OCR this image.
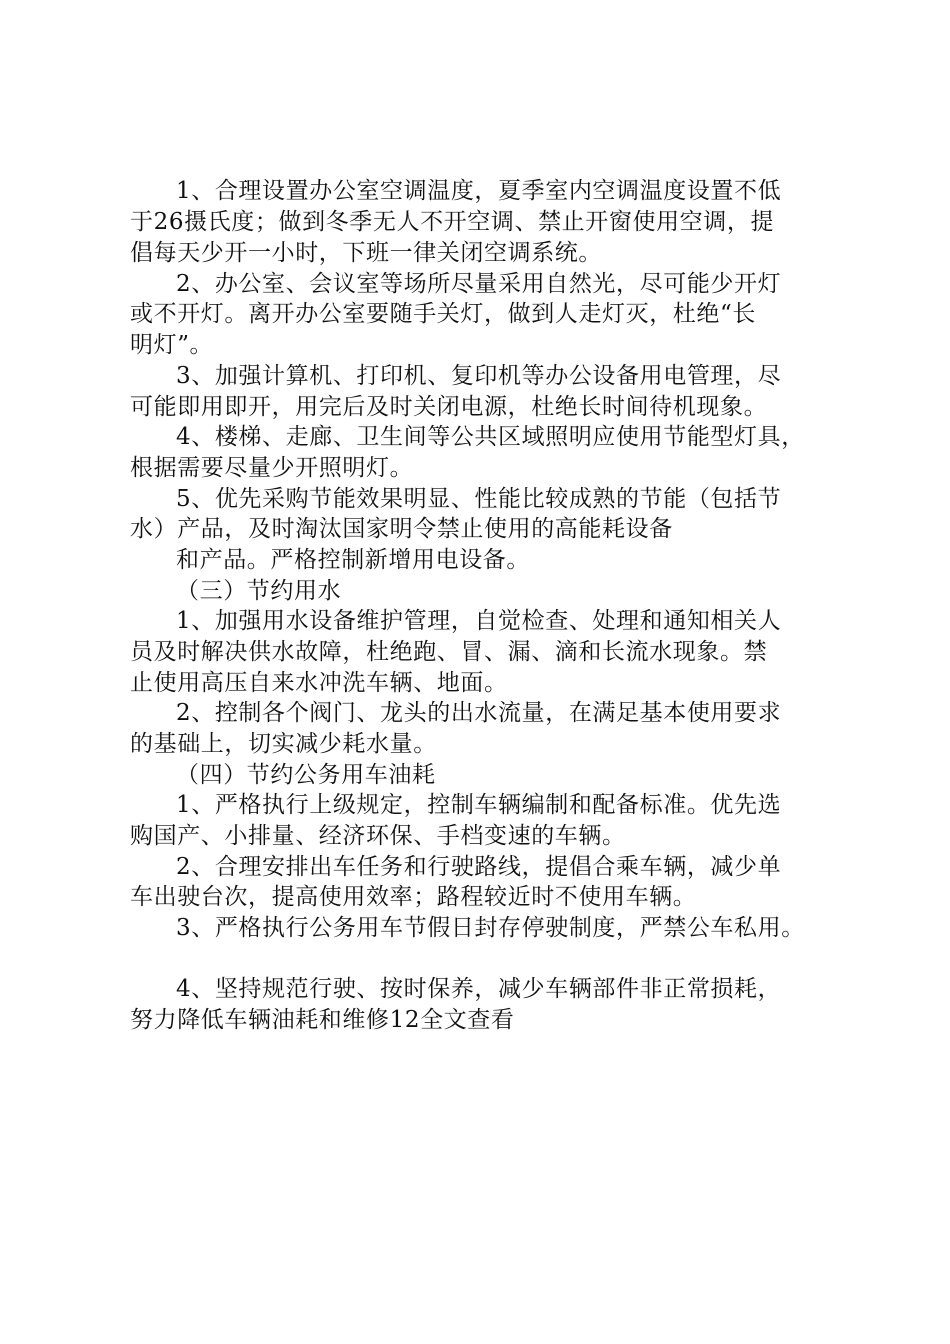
1、合理设置办公室空调温度，夏季室内空调温度设置不低
于26摄氏度；做到冬季无人不开空调、禁止开窗使用空调，提
倡每天少开一小时，下班一律关闭空调系统。
2、办公室、会议室等场所尽量采用自然光，尽可能少开灯
或不开灯。离开办公室要随手关灯，做到人走灯灭，杜绝“长
明灯”。
3、加强计算机、打印机、复印机等办公设备用电管理，尽
可能即用即开，用完后及时关闭电源，杜绝长时间待机现象。
4、楼梯、走廊、卫生间等公共区域照明应使用节能型灯具，
根据需要尽量少开照明灯。
5、优先采购节能效果明显、性能比较成熟的节能（包括节
水）产品，及时淘汰国家明令禁止使用的高能耗设备
和产品。严格控制新增用电设备。
（三）节约用水
1、加强用水设备维护管理，自觉检查、处理和通知相关人
员及时解决供水故障，杜绝跑、冒、漏、滴和长流水现象。禁
止使用高压自来水冲洗车辆、地面。
2、控制各个阀门、龙头的出水流量，在满足基本使用要求
的基础上，切实减少耗水量。
（四）节约公务用车油耗
1、严格执行上级规定，控制车辆编制和配备标准。优先选
购国产、小排量、经济环保、手档变速的车辆。
2、合理安排出车任务和行驶路线，提倡合乘车辆，减少单
车出驶台次，提高使用效率；路程较近时不使用车辆。
3、严格执行公务用车节假日封存停驶制度，严禁公车私用。
4、坚持规范行驶、按时保养，减少车辆部件非正常损耗，
努力降低车辆油耗和维修12全文查看
